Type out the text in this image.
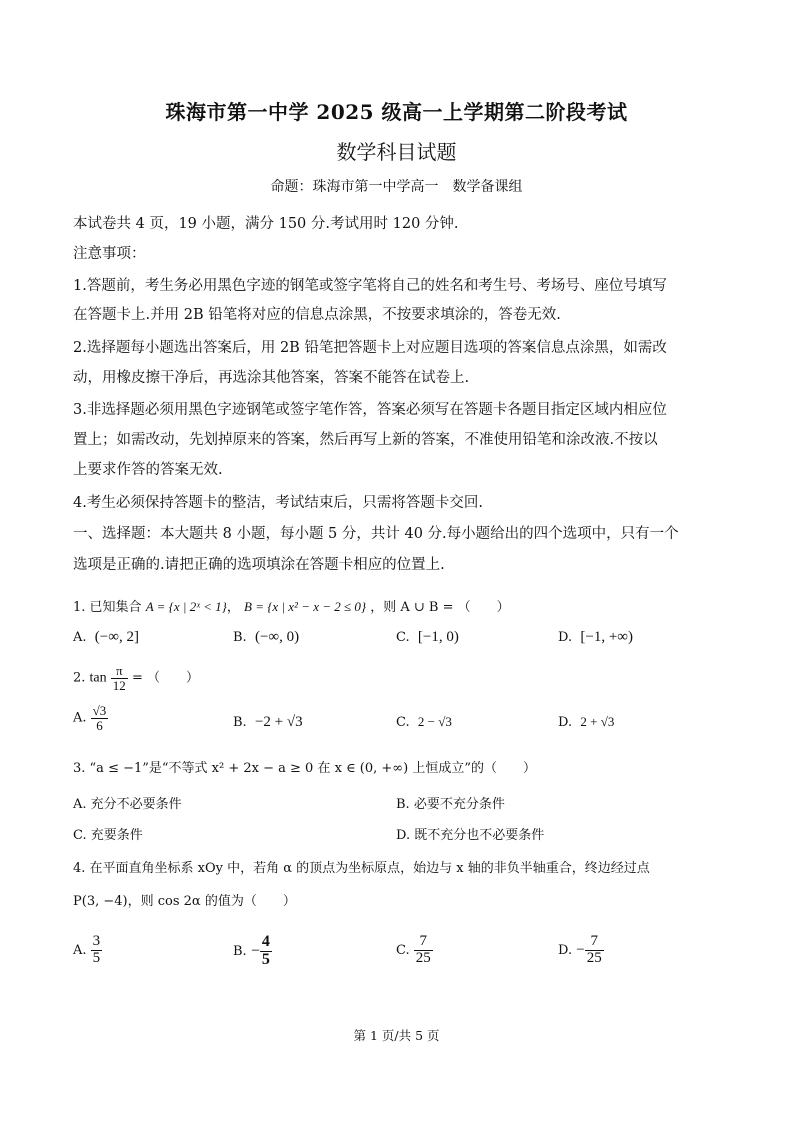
珠海市第一中学 2025 级高一上学期第二阶段考试
数学科目试题
命题：珠海市第一中学高一　数学备课组
本试卷共 4 页，19 小题，满分 150 分.考试用时 120 分钟.
注意事项：
1.答题前，考生务必用黑色字迹的钢笔或签字笔将自己的姓名和考生号、考场号、座位号填写
在答题卡上.并用 2B 铅笔将对应的信息点涂黑，不按要求填涂的，答卷无效.
2.选择题每小题选出答案后，用 2B 铅笔把答题卡上对应题目选项的答案信息点涂黑，如需改
动，用橡皮擦干净后，再选涂其他答案，答案不能答在试卷上.
3.非选择题必须用黑色字迹钢笔或签字笔作答，答案必须写在答题卡各题目指定区域内相应位
置上；如需改动，先划掉原来的答案，然后再写上新的答案，不准使用铅笔和涂改液.不按以
上要求作答的答案无效.
4.考生必须保持答题卡的整洁，考试结束后，只需将答题卡交回.
一、选择题：本大题共 8 小题，每小题 5 分，共计 40 分.每小题给出的四个选项中，只有一个
选项是正确的.请把正确的选项填涂在答题卡相应的位置上.
1. 已知集合 A = {x | 2ˣ < 1}， B = {x | x² − x − 2 ≤ 0} ，则 A ∪ B = （　　）
A. (−∞, 2]	B. (−∞, 0)	C. [−1, 0)	D. [−1, +∞)
2. $\tan \frac{\pi}{12}$ = （　　）
A. $\frac{√3}{6}$	B. −2 + √3	C. 2 − √3	D. 2 + √3
3. “a ≤ −1”是“不等式 x² + 2x − a ≥ 0 在 x ∈ (0, +∞) 上恒成立”的（　　）
A. 充分不必要条件	B. 必要不充分条件
C. 充要条件	D. 既不充分也不必要条件
4. 在平面直角坐标系 xOy 中，若角 α 的顶点为坐标原点，始边与 x 轴的非负半轴重合，终边经过点
P(3, −4)，则 cos 2α 的值为（　　）
A. $\frac{3}{5}$	B. − $\frac{4}{5}$	C. $\frac{7}{25}$	D. − $\frac{7}{25}$
第 1 页/共 5 页
